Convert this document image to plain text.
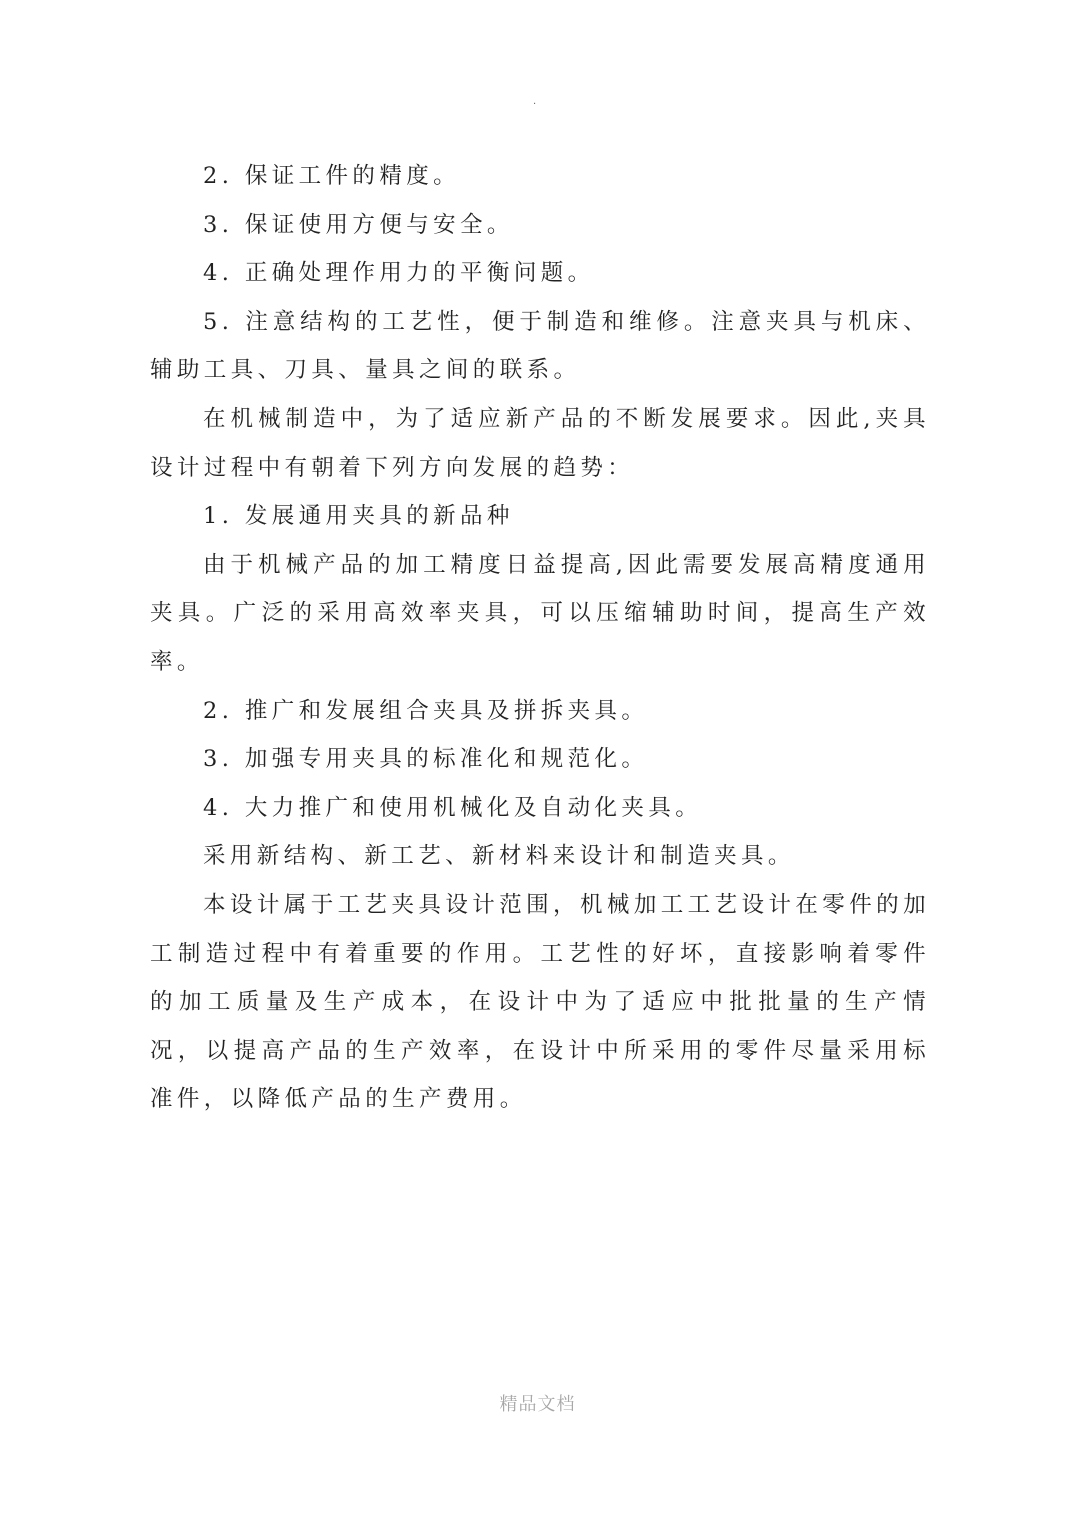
.

2. 保证工件的精度。

3. 保证使用方便与安全。

4. 正确处理作用力的平衡问题。

5. 注意结构的工艺性，便于制造和维修。注意夹具与机床、辅助工具、刀具、量具之间的联系。

在机械制造中，为了适应新产品的不断发展要求。因此,夹具设计过程中有朝着下列方向发展的趋势：

1. 发展通用夹具的新品种

由于机械产品的加工精度日益提高,因此需要发展高精度通用夹具。广泛的采用高效率夹具，可以压缩辅助时间，提高生产效率。

2. 推广和发展组合夹具及拼拆夹具。

3. 加强专用夹具的标准化和规范化。

4. 大力推广和使用机械化及自动化夹具。

采用新结构、新工艺、新材料来设计和制造夹具。

本设计属于工艺夹具设计范围，机械加工工艺设计在零件的加工制造过程中有着重要的作用。工艺性的好坏，直接影响着零件的加工质量及生产成本，在设计中为了适应中批批量的生产情况，以提高产品的生产效率，在设计中所采用的零件尽量采用标准件，以降低产品的生产费用。

精品文档
